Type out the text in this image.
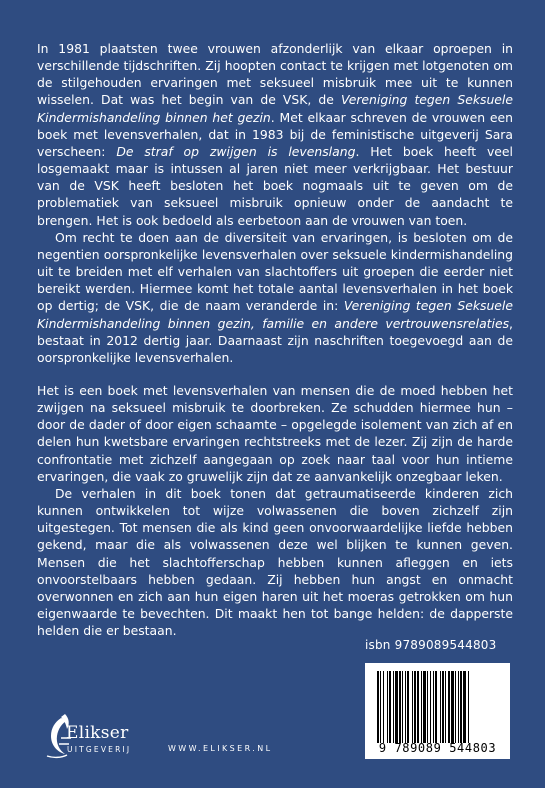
In 1981 plaatsten twee vrouwen afzonderlijk van elkaar oproepen in verschillende tijdschriften. Zij hoopten contact te krijgen met lotgenoten om de stilgehouden ervaringen met seksueel misbruik mee uit te kunnen wisselen. Dat was het begin van de VSK, de Vereniging tegen Seksuele Kindermishandeling binnen het gezin. Met elkaar schreven de vrouwen een boek met levensverhalen, dat in 1983 bij de feministische uitgeverij Sara verscheen: De straf op zwijgen is levenslang. Het boek heeft veel losgemaakt maar is intussen al jaren niet meer verkrijgbaar. Het bestuur van de VSK heeft besloten het boek nogmaals uit te geven om de problematiek van seksueel misbruik opnieuw onder de aandacht te brengen. Het is ook bedoeld als eerbetoon aan de vrouwen van toen.

Om recht te doen aan de diversiteit van ervaringen, is besloten om de negentien oorspronkelijke levensverhalen over seksuele kindermishandeling uit te breiden met elf verhalen van slachtoffers uit groepen die eerder niet bereikt werden. Hiermee komt het totale aantal levensverhalen in het boek op dertig; de VSK, die de naam veranderde in: Vereniging tegen Seksuele Kindermishandeling binnen gezin, familie en andere vertrouwensrelaties, bestaat in 2012 dertig jaar. Daarnaast zijn naschriften toegevoegd aan de oorspronkelijke levensverhalen.

Het is een boek met levensverhalen van mensen die de moed hebben het zwijgen na seksueel misbruik te doorbreken. Ze schudden hiermee hun – door de dader of door eigen schaamte – opgelegde isolement van zich af en delen hun kwetsbare ervaringen rechtstreeks met de lezer. Zij zijn de harde confrontatie met zichzelf aangegaan op zoek naar taal voor hun intieme ervaringen, die vaak zo gruwelijk zijn dat ze aanvankelijk onzegbaar leken.

De verhalen in dit boek tonen dat getraumatiseerde kinderen zich kunnen ontwikkelen tot wijze volwassenen die boven zichzelf zijn uitgestegen. Tot mensen die als kind geen onvoorwaardelijke liefde hebben gekend, maar die als volwassenen deze wel blijken te kunnen geven. Mensen die het slachtofferschap hebben kunnen afleggen en iets onvoorstelbaars hebben gedaan. Zij hebben hun angst en onmacht overwonnen en zich aan hun eigen haren uit het moeras getrokken om hun eigenwaarde te bevechten. Dit maakt hen tot bange helden: de dapperste helden die er bestaan.

isbn 9789089544803
9 789089 544803
Elikser
UITGEVERIJ	WWW.ELIKSER.NL
